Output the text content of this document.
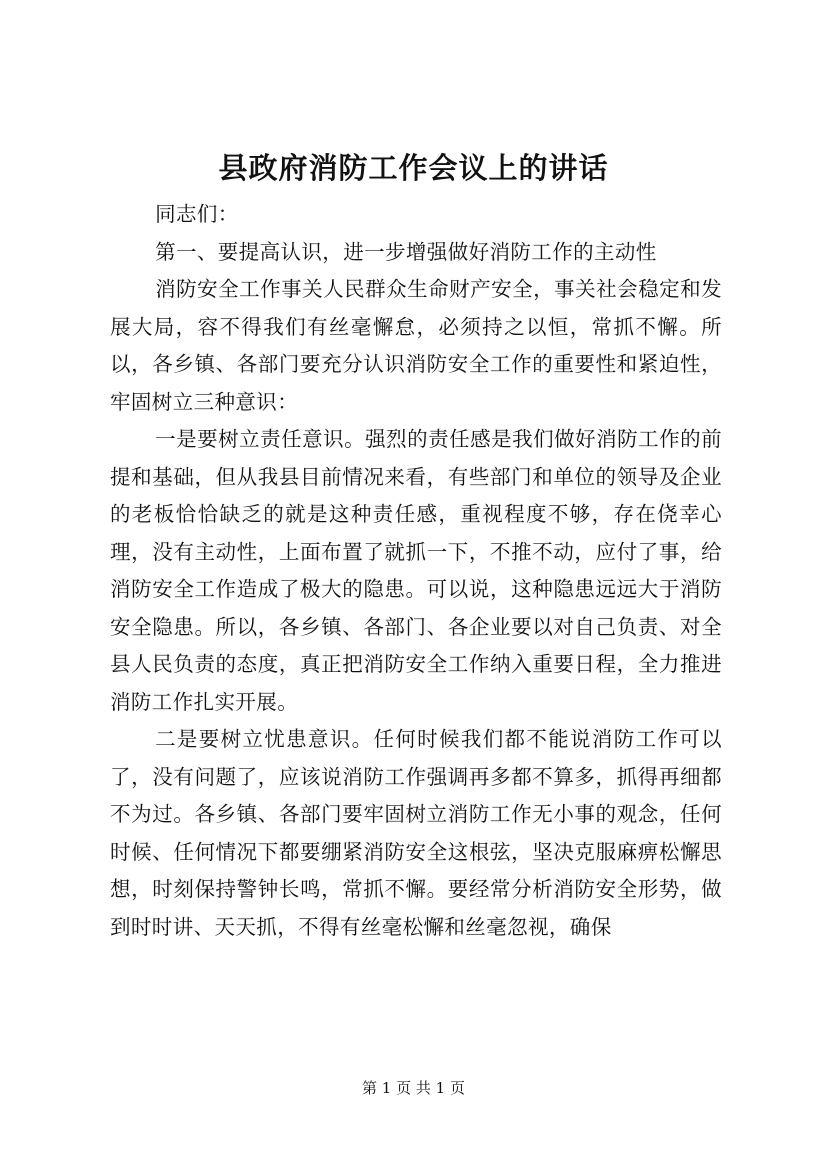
县政府消防工作会议上的讲话

同志们：

第一、要提高认识，进一步增强做好消防工作的主动性

消防安全工作事关人民群众生命财产安全，事关社会稳定和发展大局，容不得我们有丝毫懈怠，必须持之以恒，常抓不懈。所以，各乡镇、各部门要充分认识消防安全工作的重要性和紧迫性，牢固树立三种意识：

一是要树立责任意识。强烈的责任感是我们做好消防工作的前提和基础，但从我县目前情况来看，有些部门和单位的领导及企业的老板恰恰缺乏的就是这种责任感，重视程度不够，存在侥幸心理，没有主动性，上面布置了就抓一下，不推不动，应付了事，给消防安全工作造成了极大的隐患。可以说，这种隐患远远大于消防安全隐患。所以，各乡镇、各部门、各企业要以对自己负责、对全县人民负责的态度，真正把消防安全工作纳入重要日程，全力推进消防工作扎实开展。

二是要树立忧患意识。任何时候我们都不能说消防工作可以了，没有问题了，应该说消防工作强调再多都不算多，抓得再细都不为过。各乡镇、各部门要牢固树立消防工作无小事的观念，任何时候、任何情况下都要绷紧消防安全这根弦，坚决克服麻痹松懈思想，时刻保持警钟长鸣，常抓不懈。要经常分析消防安全形势，做到时时讲、天天抓，不得有丝毫松懈和丝毫忽视，确保

第 1 页 共 1 页
